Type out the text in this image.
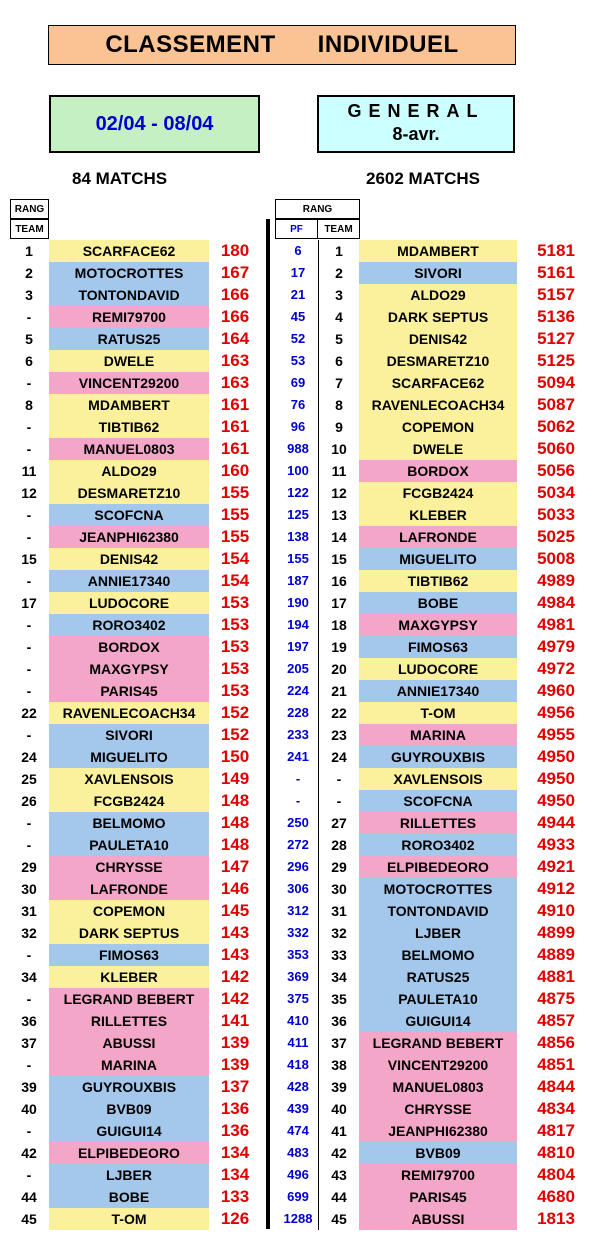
CLASSEMENT INDIVIDUEL
02/04 - 08/04
GENERAL
8-avr.
84 MATCHS	2602 MATCHS
RANG
TEAM
RANG
PF	TEAM
1	SCARFACE62	180	6	1	MDAMBERT	5181
2	MOTOCROTTES	167	17	2	SIVORI	5161
3	TONTONDAVID	166	21	3	ALDO29	5157
-	REMI79700	166	45	4	DARK SEPTUS	5136
5	RATUS25	164	52	5	DENIS42	5127
6	DWELE	163	53	6	DESMARETZ10	5125
-	VINCENT29200	163	69	7	SCARFACE62	5094
8	MDAMBERT	161	76	8	RAVENLECOACH34	5087
-	TIBTIB62	161	96	9	COPEMON	5062
-	MANUEL0803	161	988	10	DWELE	5060
11	ALDO29	160	100	11	BORDOX	5056
12	DESMARETZ10	155	122	12	FCGB2424	5034
-	SCOFCNA	155	125	13	KLEBER	5033
-	JEANPHI62380	155	138	14	LAFRONDE	5025
15	DENIS42	154	155	15	MIGUELITO	5008
-	ANNIE17340	154	187	16	TIBTIB62	4989
17	LUDOCORE	153	190	17	BOBE	4984
-	RORO3402	153	194	18	MAXGYPSY	4981
-	BORDOX	153	197	19	FIMOS63	4979
-	MAXGYPSY	153	205	20	LUDOCORE	4972
-	PARIS45	153	224	21	ANNIE17340	4960
22	RAVENLECOACH34	152	228	22	T-OM	4956
-	SIVORI	152	233	23	MARINA	4955
24	MIGUELITO	150	241	24	GUYROUXBIS	4950
25	XAVLENSOIS	149	-	-	XAVLENSOIS	4950
26	FCGB2424	148	-	-	SCOFCNA	4950
-	BELMOMO	148	250	27	RILLETTES	4944
-	PAULETA10	148	272	28	RORO3402	4933
29	CHRYSSE	147	296	29	ELPIBEDEORO	4921
30	LAFRONDE	146	306	30	MOTOCROTTES	4912
31	COPEMON	145	312	31	TONTONDAVID	4910
32	DARK SEPTUS	143	332	32	LJBER	4899
-	FIMOS63	143	353	33	BELMOMO	4889
34	KLEBER	142	369	34	RATUS25	4881
-	LEGRAND BEBERT	142	375	35	PAULETA10	4875
36	RILLETTES	141	410	36	GUIGUI14	4857
37	ABUSSI	139	411	37	LEGRAND BEBERT	4856
-	MARINA	139	418	38	VINCENT29200	4851
39	GUYROUXBIS	137	428	39	MANUEL0803	4844
40	BVB09	136	439	40	CHRYSSE	4834
-	GUIGUI14	136	474	41	JEANPHI62380	4817
42	ELPIBEDEORO	134	483	42	BVB09	4810
-	LJBER	134	496	43	REMI79700	4804
44	BOBE	133	699	44	PARIS45	4680
45	T-OM	126	1288	45	ABUSSI	1813
